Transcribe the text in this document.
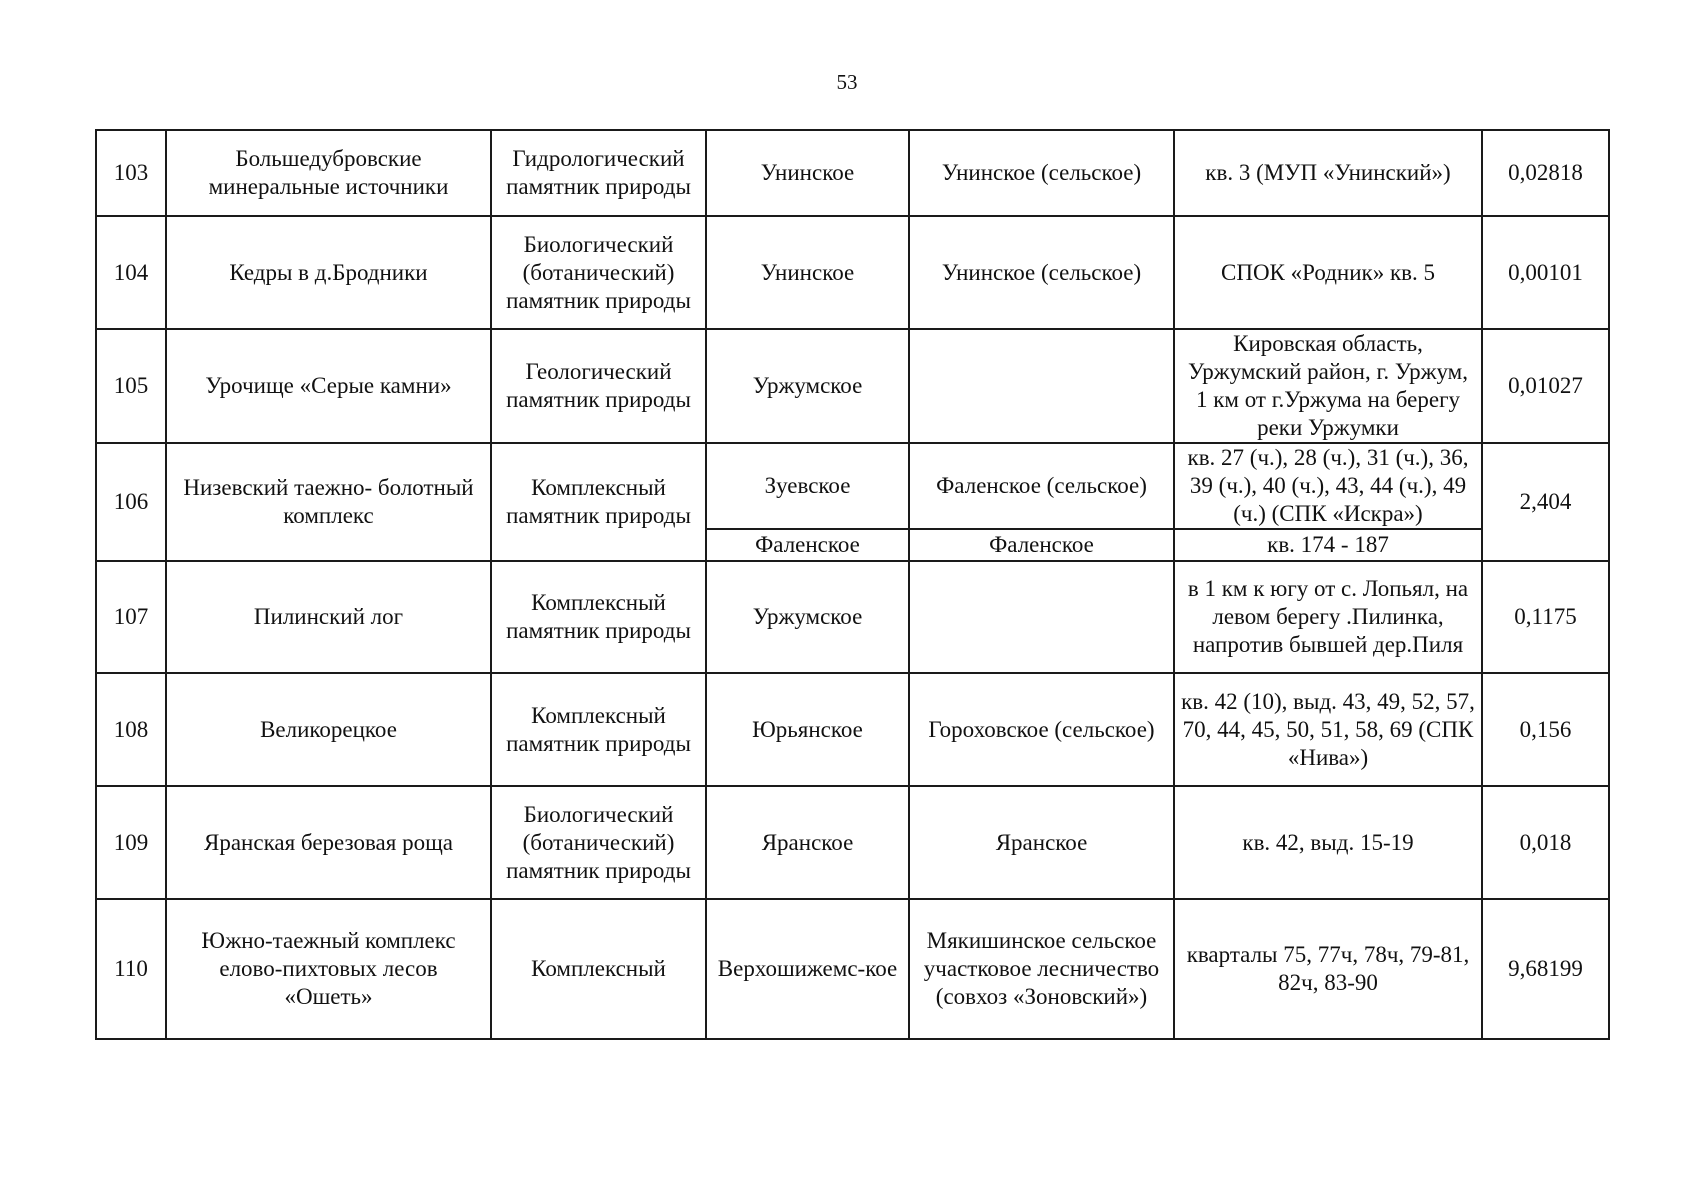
53
103	Большедубровские минеральные источники	Гидрологический памятник природы	Унинское	Унинское (сельское)	кв. 3 (МУП «Унинский»)	0,02818
104	Кедры в д.Бродники	Биологический (ботанический) памятник природы	Унинское	Унинское (сельское)	СПОК «Родник» кв. 5	0,00101
105	Урочище «Серые камни»	Геологический памятник природы	Уржумское		Кировская область, Уржумский район, г. Уржум, 1 км от г.Уржума на берегу реки Уржумки	0,01027
106	Низевский таежно- болотный комплекс	Комплексный памятник природы	Зуевское	Фаленское (сельское)	кв. 27 (ч.), 28 (ч.), 31 (ч.), 36, 39 (ч.), 40 (ч.), 43, 44 (ч.), 49 (ч.) (СПК «Искра»)	2,404
			Фаленское	Фаленское	кв. 174 - 187	
107	Пилинский лог	Комплексный памятник природы	Уржумское		в 1 км к югу от с. Лопьял, на левом берегу .Пилинка, напротив бывшей дер.Пиля	0,1175
108	Великорецкое	Комплексный памятник природы	Юрьянское	Гороховское (сельское)	кв. 42 (10), выд. 43, 49, 52, 57, 70, 44, 45, 50, 51, 58, 69 (СПК «Нива»)	0,156
109	Яранская березовая роща	Биологический (ботанический) памятник природы	Яранское	Яранское	кв. 42, выд. 15-19	0,018
110	Южно-таежный комплекс елово-пихтовых лесов «Ошеть»	Комплексный	Верхошижемс-кое	Мякишинское сельское участковое лесничество (совхоз «Зоновский»)	кварталы 75, 77ч, 78ч, 79-81, 82ч, 83-90	9,68199
